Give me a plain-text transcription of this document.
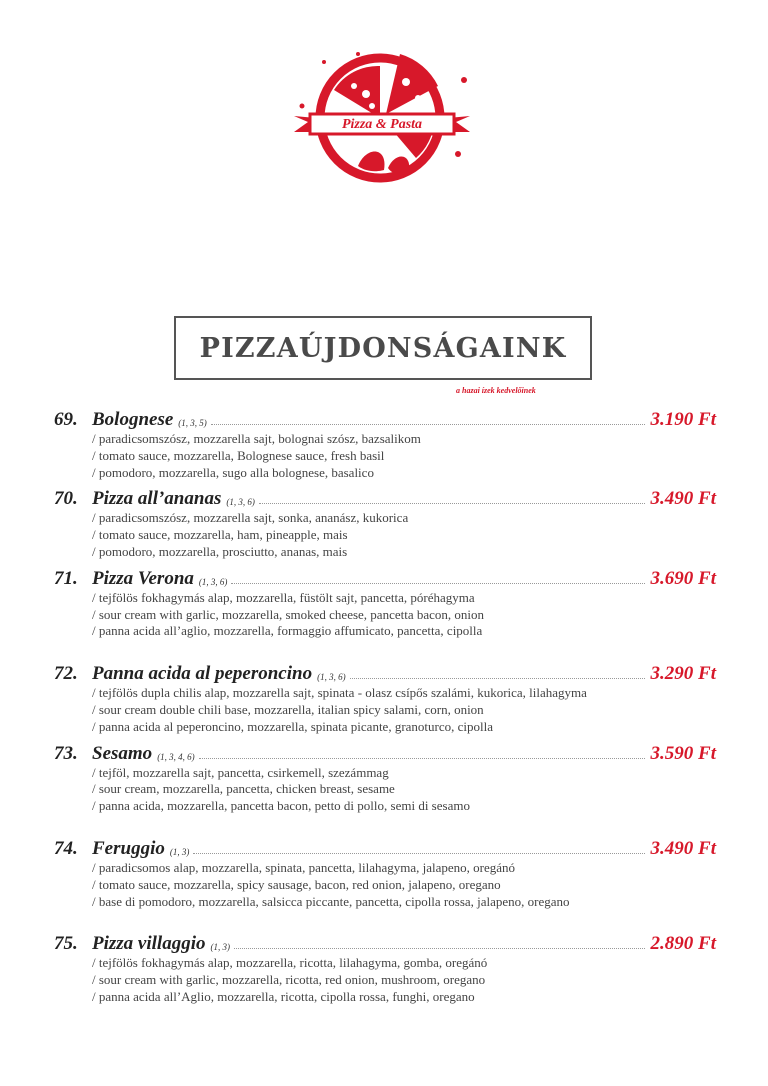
Pizza & Pasta
PIZZAÚJDONSÁGAINK
a hazai ízek kedvelőinek
69. Bolognese (1, 3, 5)	3.190 Ft
/ paradicsomszósz, mozzarella sajt, bolognai szósz, bazsalikom
/ tomato sauce, mozzarella, Bolognese sauce, fresh basil
/ pomodoro, mozzarella, sugo alla bolognese, basalico
70. Pizza all’ananas (1, 3, 6)	3.490 Ft
/ paradicsomszósz, mozzarella sajt, sonka, ananász, kukorica
/ tomato sauce, mozzarella, ham, pineapple, mais
/ pomodoro, mozzarella, prosciutto, ananas, mais
71. Pizza Verona (1, 3, 6)	3.690 Ft
/ tejfölös fokhagymás alap, mozzarella, füstölt sajt, pancetta, póréhagyma
/ sour cream with garlic, mozzarella, smoked cheese, pancetta bacon, onion
/ panna acida all’aglio, mozzarella, formaggio affumicato, pancetta, cipolla
72. Panna acida al peperoncino (1, 3, 6)	3.290 Ft
/ tejfölös dupla chilis alap, mozzarella sajt, spinata - olasz csípős szalámi, kukorica, lilahagyma
/ sour cream double chili base, mozzarella, italian spicy salami, corn, onion
/ panna acida al peperoncino, mozzarella, spinata picante, granoturco, cipolla
73. Sesamo (1, 3, 4, 6)	3.590 Ft
/ tejföl, mozzarella sajt, pancetta, csirkemell, szezámmag
/ sour cream, mozzarella, pancetta, chicken breast, sesame
/ panna acida, mozzarella, pancetta bacon, petto di pollo, semi di sesamo
74. Feruggio (1, 3)	3.490 Ft
/ paradicsomos alap, mozzarella, spinata, pancetta, lilahagyma, jalapeno, oregánó
/ tomato sauce, mozzarella, spicy sausage, bacon, red onion, jalapeno, oregano
/ base di pomodoro, mozzarella, salsicca piccante, pancetta, cipolla rossa, jalapeno, oregano
75. Pizza villaggio (1, 3)	2.890 Ft
/ tejfölös fokhagymás alap, mozzarella, ricotta, lilahagyma, gomba, oregánó
/ sour cream with garlic, mozzarella, ricotta, red onion, mushroom, oregano
/ panna acida all’Aglio, mozzarella, ricotta, cipolla rossa, funghi, oregano
